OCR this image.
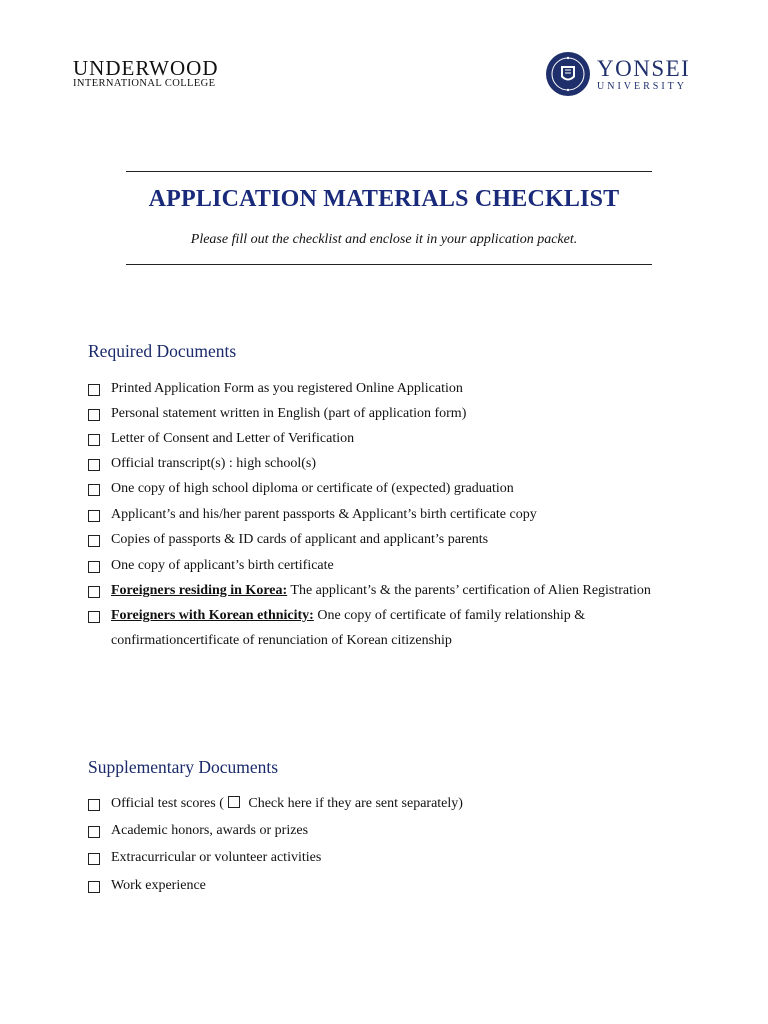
UNDERWOOD
INTERNATIONAL COLLEGE
YONSEI
UNIVERSITY
APPLICATION MATERIALS CHECKLIST
Please fill out the checklist and enclose it in your application packet.
Required Documents
Printed Application Form as you registered Online Application
Personal statement written in English (part of application form)
Letter of Consent and Letter of Verification
Official transcript(s) : high school(s)
One copy of high school diploma or certificate of (expected) graduation
Applicant’s and his/her parent passports & Applicant’s birth certificate copy
Copies of passports & ID cards of applicant and applicant’s parents
One copy of applicant’s birth certificate
Foreigners residing in Korea: The applicant’s & the parents’ certification of Alien Registration
Foreigners with Korean ethnicity: One copy of certificate of family relationship &
confirmationcertificate of renunciation of Korean citizenship
Supplementary Documents
Official test scores ( Check here if they are sent separately)
Academic honors, awards or prizes
Extracurricular or volunteer activities
Work experience
